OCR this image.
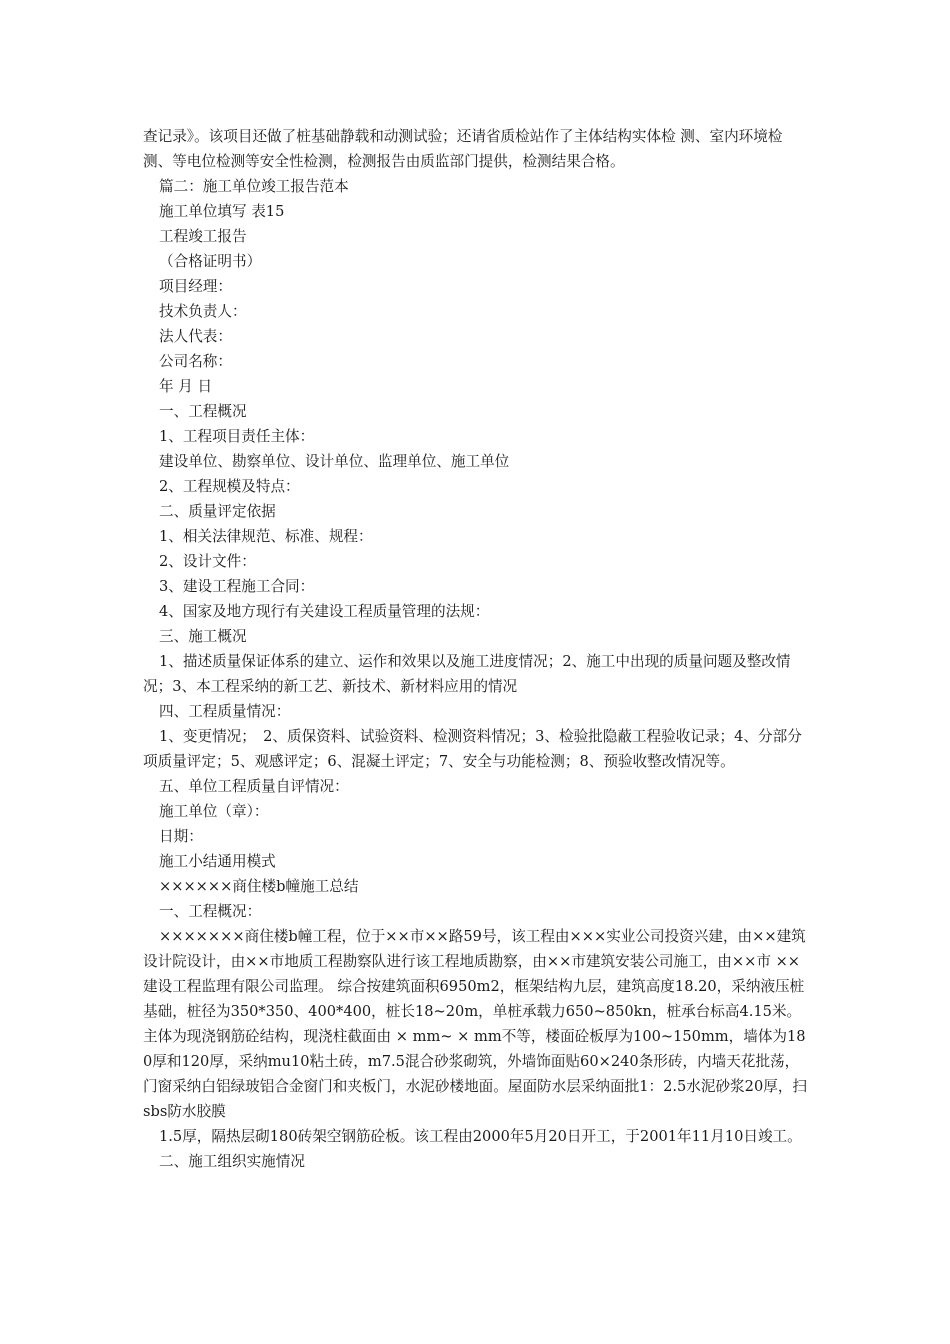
查记录》。该项目还做了桩基础静载和动测试验；还请省质检站作了主体结构实体检 测、室内环境检测、等电位检测等安全性检测，检测报告由质监部门提供，检测结果合格。

篇二：施工单位竣工报告范本

施工单位填写 表15

工程竣工报告

（合格证明书）

项目经理：

技术负责人：

法人代表：

公司名称：

年 月 日

一、工程概况

1、工程项目责任主体：

建设单位、勘察单位、设计单位、监理单位、施工单位

2、工程规模及特点：

二、质量评定依据

1、相关法律规范、标准、规程：

2、设计文件：

3、建设工程施工合同：

4、国家及地方现行有关建设工程质量管理的法规：

三、施工概况

1、描述质量保证体系的建立、运作和效果以及施工进度情况；2、施工中出现的质量问题及整改情况；3、本工程采纳的新工艺、新技术、新材料应用的情况

四、工程质量情况：

1、变更情况；　2、质保资料、试验资料、检测资料情况；3、检验批隐蔽工程验收记录；4、分部分项质量评定；5、观感评定；6、混凝土评定；7、安全与功能检测；8、预验收整改情况等。

五、单位工程质量自评情况：

施工单位（章）：

日期：

施工小结通用模式

××××××商住楼b幢施工总结

一、工程概况：

×××××××商住楼b幢工程，位于××市××路59号，该工程由×××实业公司投资兴建，由××建筑设计院设计，由××市地质工程勘察队进行该工程地质勘察，由××市建筑安装公司施工，由××市 ×× 建设工程监理有限公司监理。 综合按建筑面积6950m2，框架结构九层，建筑高度18.20，采纳液压桩基础，桩径为350*350、400*400，桩长18~20m，单桩承载力650~850kn，桩承台标高4.15米。主体为现浇钢筋砼结构，现浇柱截面由 × mm~ × mm不等，楼面砼板厚为100~150mm，墙体为180厚和120厚，采纳mu10粘土砖，m7.5混合砂浆砌筑，外墙饰面贴60×240条形砖，内墙天花批荡，门窗采纳白铝绿玻铝合金窗门和夹板门，水泥砂楼地面。屋面防水层采纳面批1：2.5水泥砂浆20厚，扫sbs防水胶膜

1.5厚，隔热层砌180砖架空钢筋砼板。该工程由2000年5月20日开工，于2001年11月10日竣工。

二、施工组织实施情况
